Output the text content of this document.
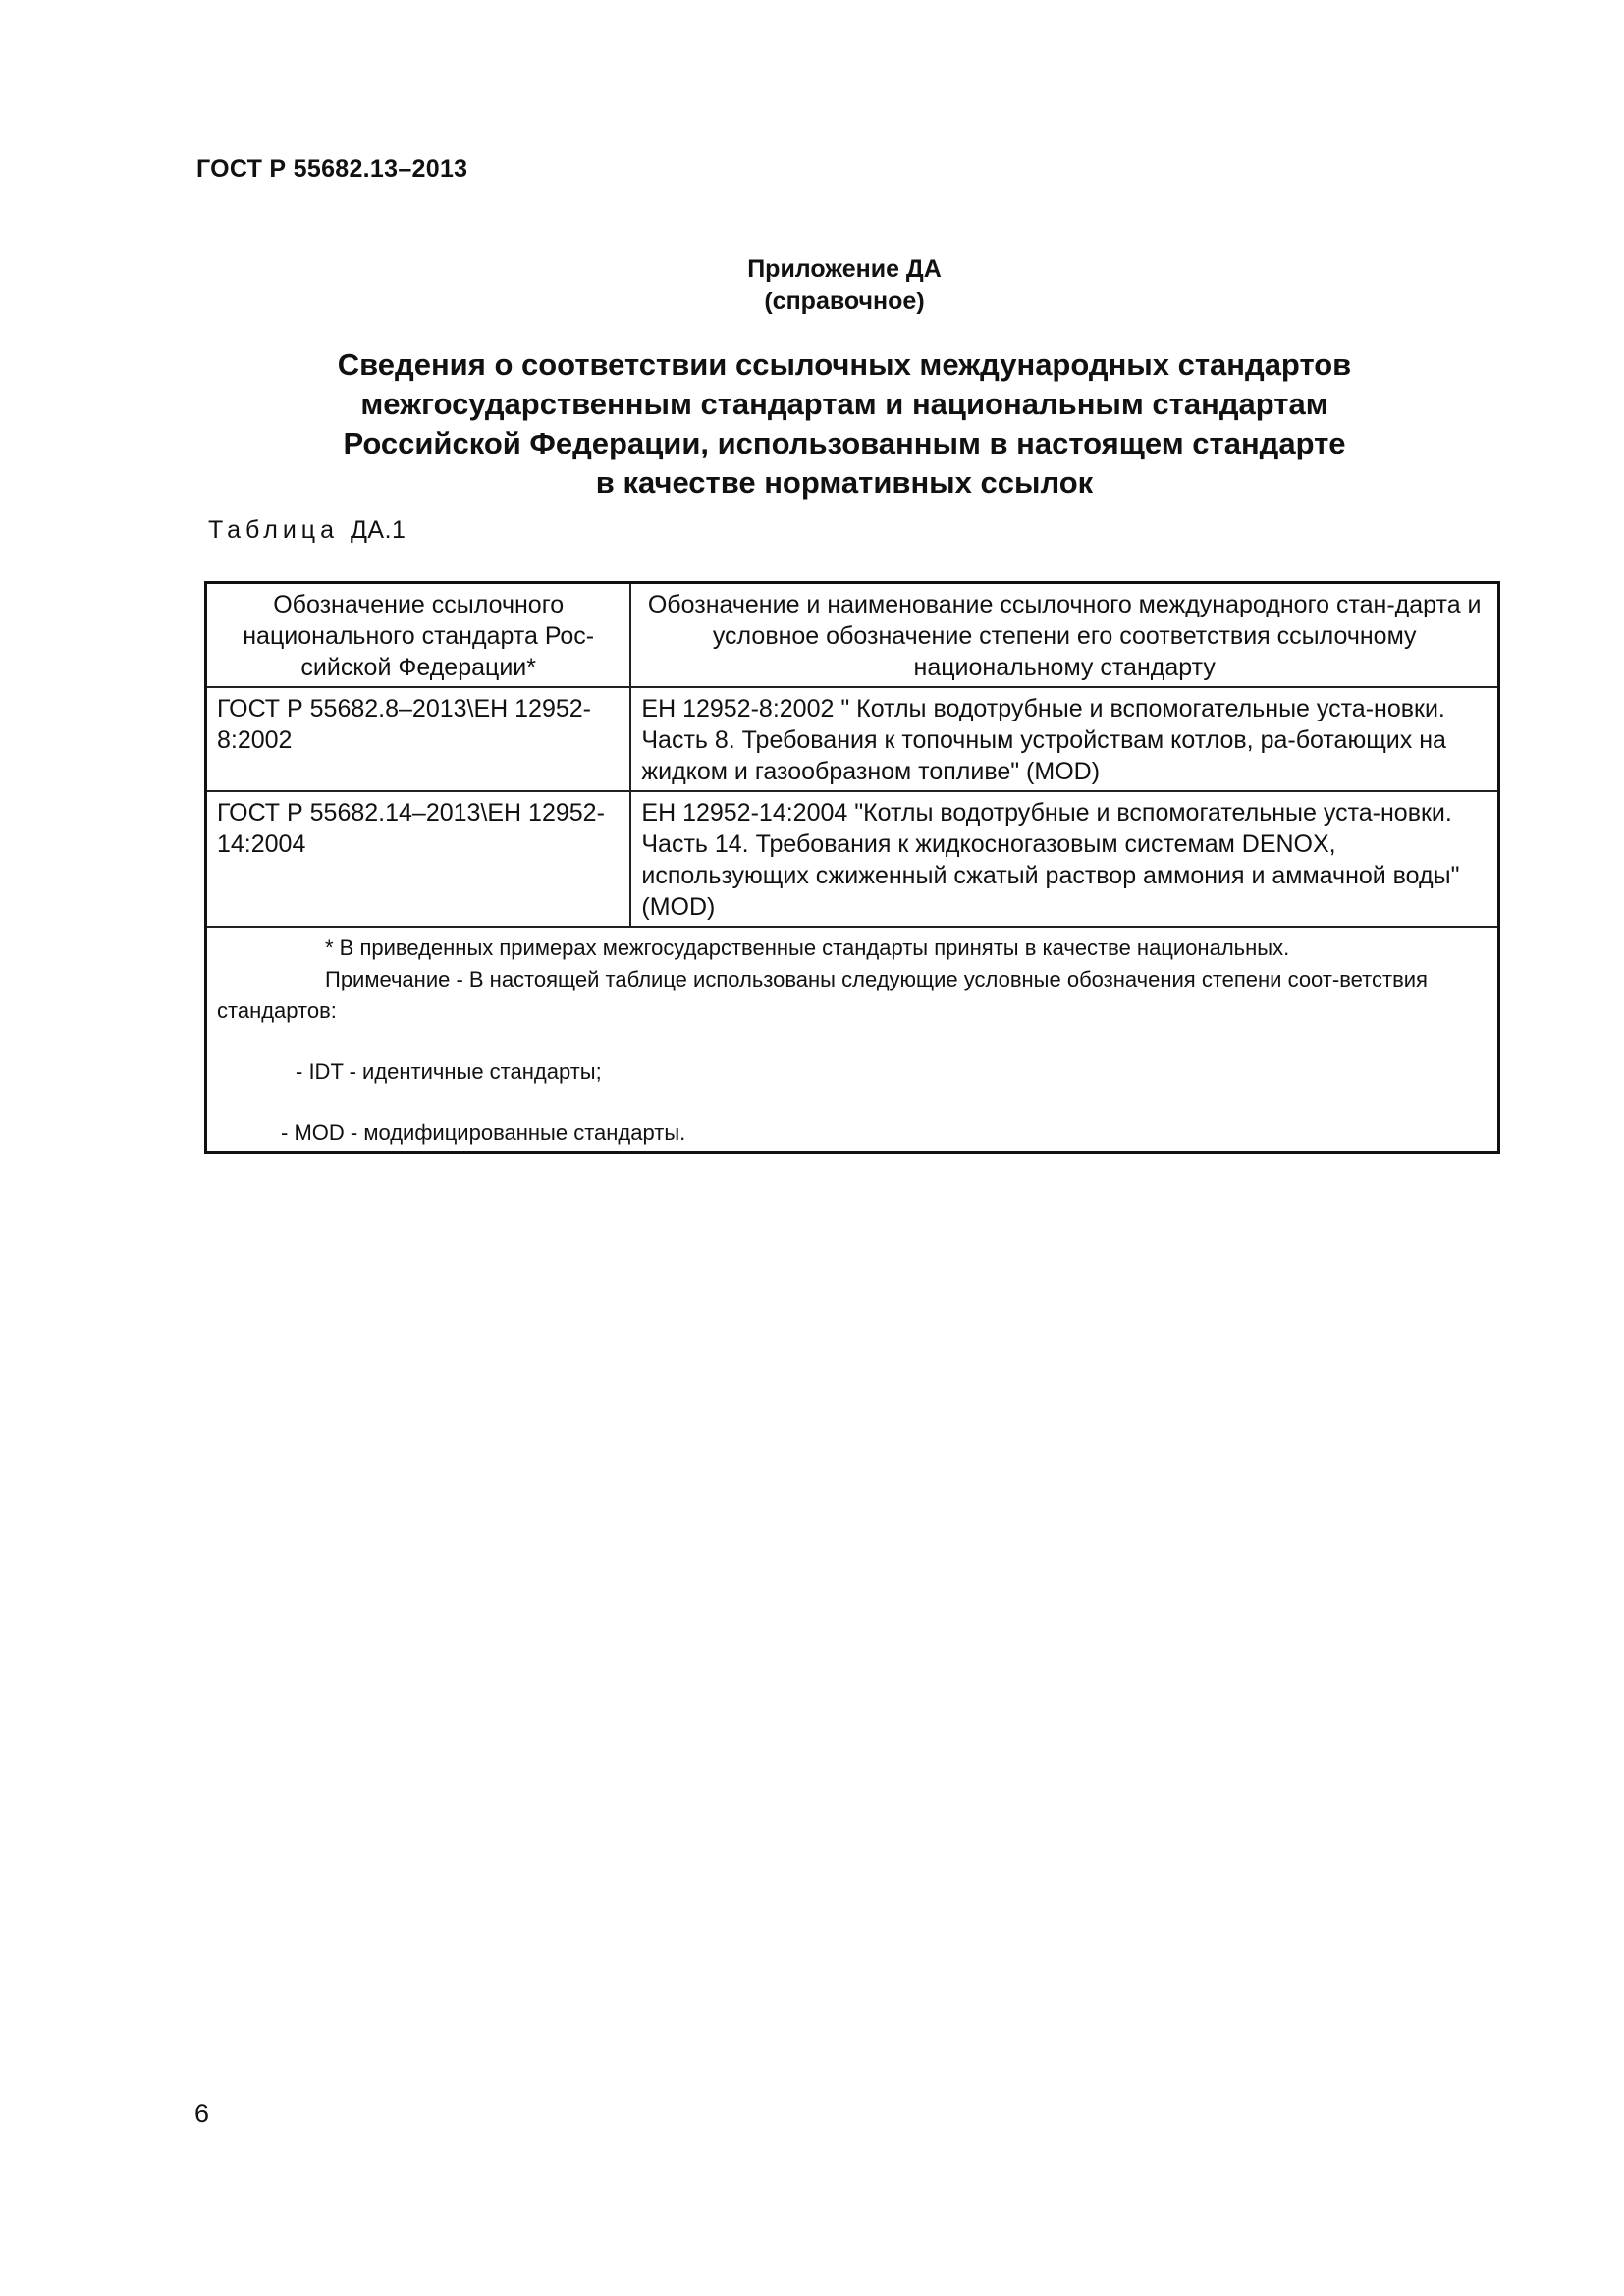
ГОСТ Р 55682.13–2013
Приложение ДА
(справочное)
Сведения о соответствии ссылочных международных стандартов
межгосударственным стандартам и национальным стандартам
Российской Федерации, использованным в настоящем стандарте
в качестве нормативных ссылок
Таблица ДА.1
Обозначение ссылочного национального стандарта Рос-сийской Федерации*	Обозначение и наименование ссылочного международного стан-дарта и условное обозначение степени его соответствия ссылочному национальному стандарту
ГОСТ Р 55682.8–2013\ЕН 12952-8:2002	ЕН 12952-8:2002 " Котлы водотрубные и вспомогательные уста-новки. Часть 8. Требования к топочным устройствам котлов, ра-ботающих на жидком и газообразном топливе" (MOD)
ГОСТ Р 55682.14–2013\ЕН 12952-14:2004	ЕН 12952-14:2004 "Котлы водотрубные и вспомогательные уста-новки. Часть 14. Требования к жидкосногазовым системам DENOX, использующих сжиженный сжатый раствор аммония и аммачной воды" (MOD)

* В приведенных примерах межгосударственные стандарты приняты в качестве национальных.
Примечание - В настоящей таблице использованы следующие условные обозначения степени соот-ветствия стандартов:
- IDT - идентичные стандарты;
- MOD - модифицированные стандарты.	
6
